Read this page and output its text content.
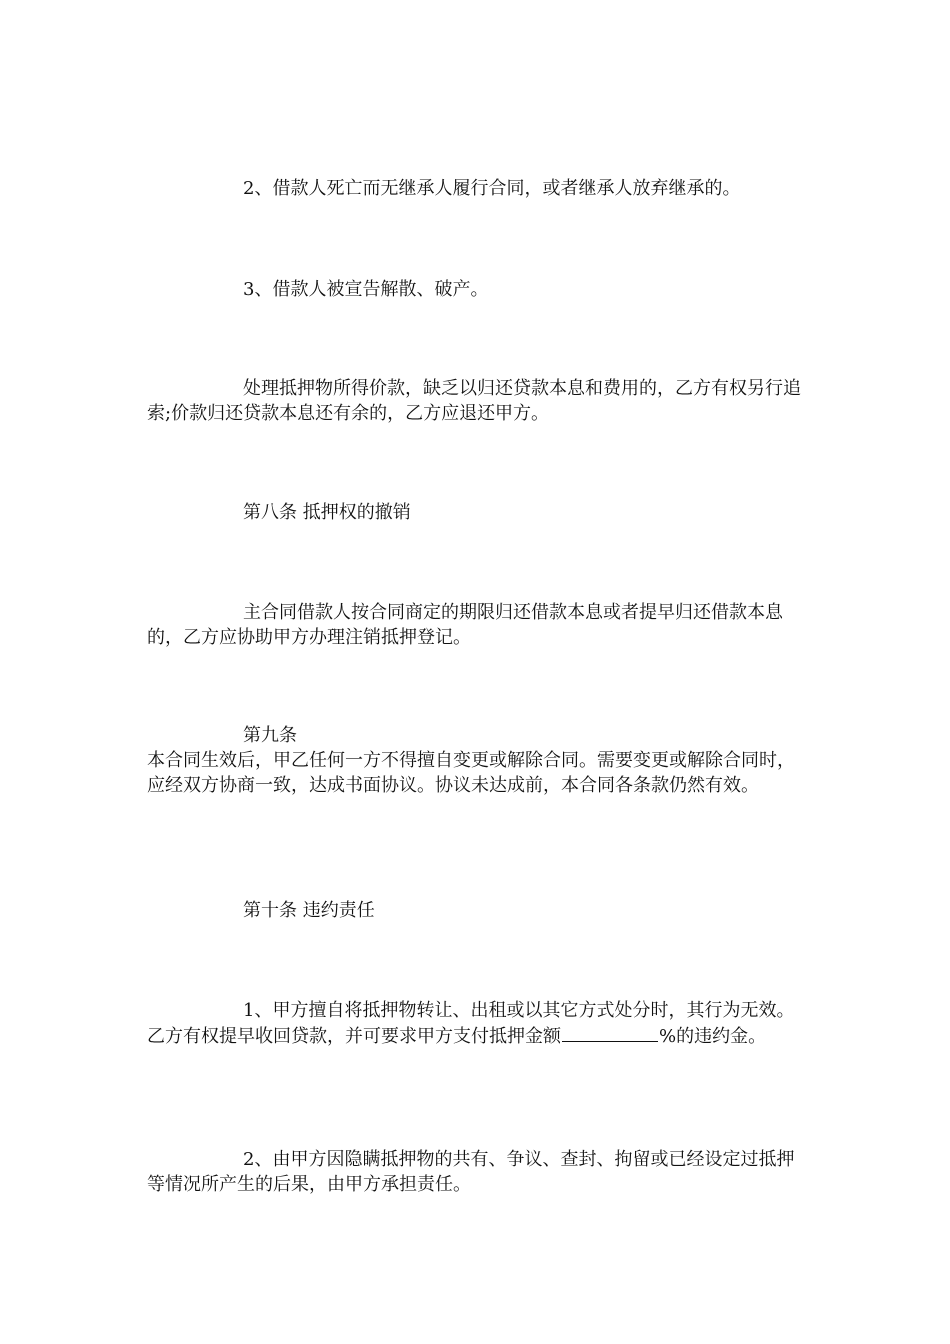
2、借款人死亡而无继承人履行合同，或者继承人放弃继承的。

3、借款人被宣告解散、破产。

处理抵押物所得价款，缺乏以归还贷款本息和费用的，乙方有权另行追索;价款归还贷款本息还有余的，乙方应退还甲方。

第八条 抵押权的撤销

主合同借款人按合同商定的期限归还借款本息或者提早归还借款本息的，乙方应协助甲方办理注销抵押登记。

第九条
本合同生效后，甲乙任何一方不得擅自变更或解除合同。需要变更或解除合同时，应经双方协商一致，达成书面协议。协议未达成前，本合同各条款仍然有效。

第十条 违约责任

1、甲方擅自将抵押物转让、出租或以其它方式处分时，其行为无效。乙方有权提早收回贷款，并可要求甲方支付抵押金额	%的违约金。

2、由甲方因隐瞒抵押物的共有、争议、查封、拘留或已经设定过抵押等情况所产生的后果，由甲方承担责任。
